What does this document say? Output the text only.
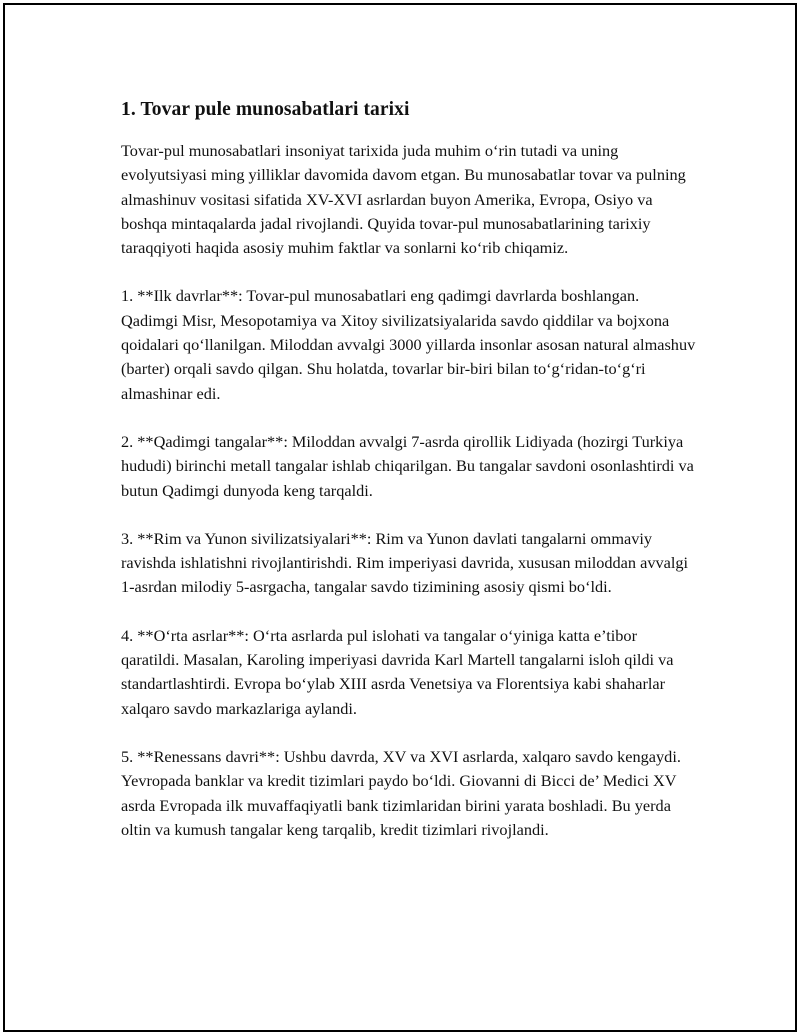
1. Tovar pule munosabatlari tarixi

Tovar-pul munosabatlari insoniyat tarixida juda muhim o‘rin tutadi va uning evolyutsiyasi ming yilliklar davomida davom etgan. Bu munosabatlar tovar va pulning almashinuv vositasi sifatida XV-XVI asrlardan buyon Amerika, Evropa, Osiyo va boshqa mintaqalarda jadal rivojlandi. Quyida tovar-pul munosabatlarining tarixiy taraqqiyoti haqida asosiy muhim faktlar va sonlarni ko‘rib chiqamiz.

1. **Ilk davrlar**: Tovar-pul munosabatlari eng qadimgi davrlarda boshlangan. Qadimgi Misr, Mesopotamiya va Xitoy sivilizatsiyalarida savdo qiddilar va bojxona qoidalari qo‘llanilgan. Miloddan avvalgi 3000 yillarda insonlar asosan natural almashuv (barter) orqali savdo qilgan. Shu holatda, tovarlar bir-biri bilan to‘g‘ridan-to‘g‘ri almashinar edi.

2. **Qadimgi tangalar**: Miloddan avvalgi 7-asrda qirollik Lidiyada (hozirgi Turkiya hududi) birinchi metall tangalar ishlab chiqarilgan. Bu tangalar savdoni osonlashtirdi va butun Qadimgi dunyoda keng tarqaldi.

3. **Rim va Yunon sivilizatsiyalari**: Rim va Yunon davlati tangalarni ommaviy ravishda ishlatishni rivojlantirishdi. Rim imperiyasi davrida, xususan miloddan avvalgi 1-asrdan milodiy 5-asrgacha, tangalar savdo tizimining asosiy qismi bo‘ldi.

4. **O‘rta asrlar**: O‘rta asrlarda pul islohati va tangalar o‘yiniga katta e’tibor qaratildi. Masalan, Karoling imperiyasi davrida Karl Martell tangalarni isloh qildi va standartlashtirdi. Evropa bo‘ylab XIII asrda Venetsiya va Florentsiya kabi shaharlar xalqaro savdo markazlariga aylandi.

5. **Renessans davri**: Ushbu davrda, XV va XVI asrlarda, xalqaro savdo kengaydi. Yevropada banklar va kredit tizimlari paydo bo‘ldi. Giovanni di Bicci de’ Medici XV asrda Evropada ilk muvaffaqiyatli bank tizimlaridan birini yarata boshladi. Bu yerda oltin va kumush tangalar keng tarqalib, kredit tizimlari rivojlandi.
